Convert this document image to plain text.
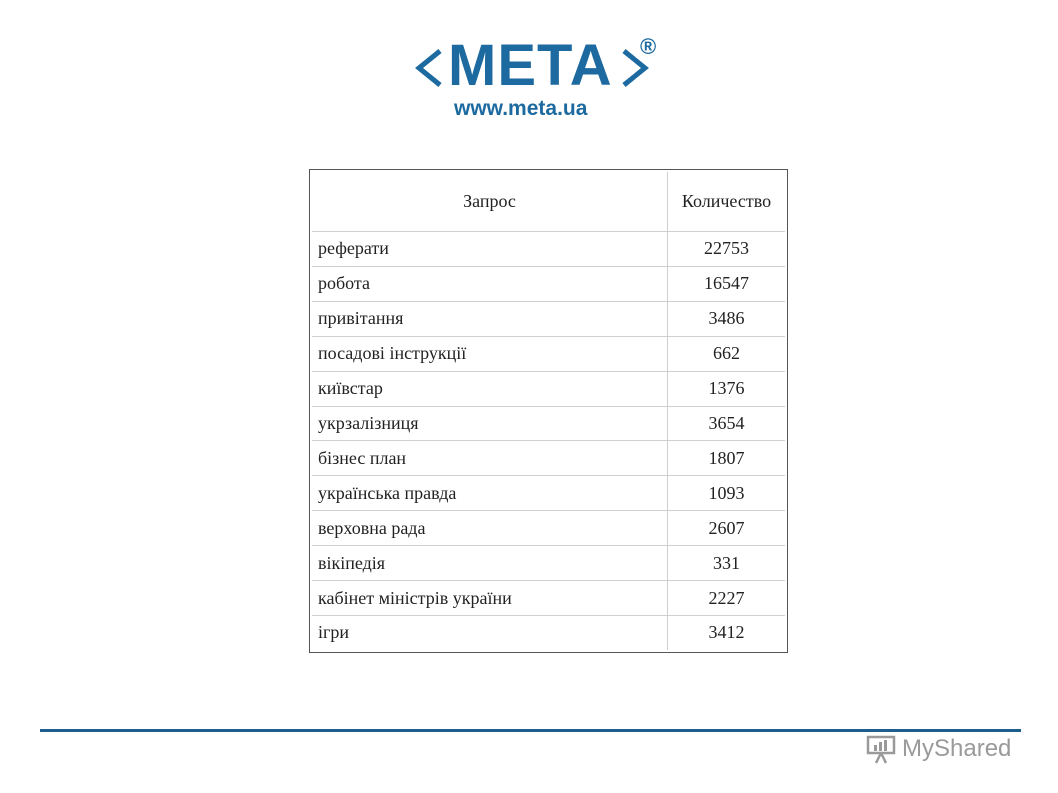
МЕТА ®
www.meta.ua
Запрос	Количество
реферати	22753
робота	16547
привітання	3486
посадові інструкції	662
київстар	1376
укрзалізниця	3654
бізнес план	1807
українська правда	1093
верховна рада	2607
вікіпедія	331
кабінет міністрів україни	2227
ігри	3412
MyShared
